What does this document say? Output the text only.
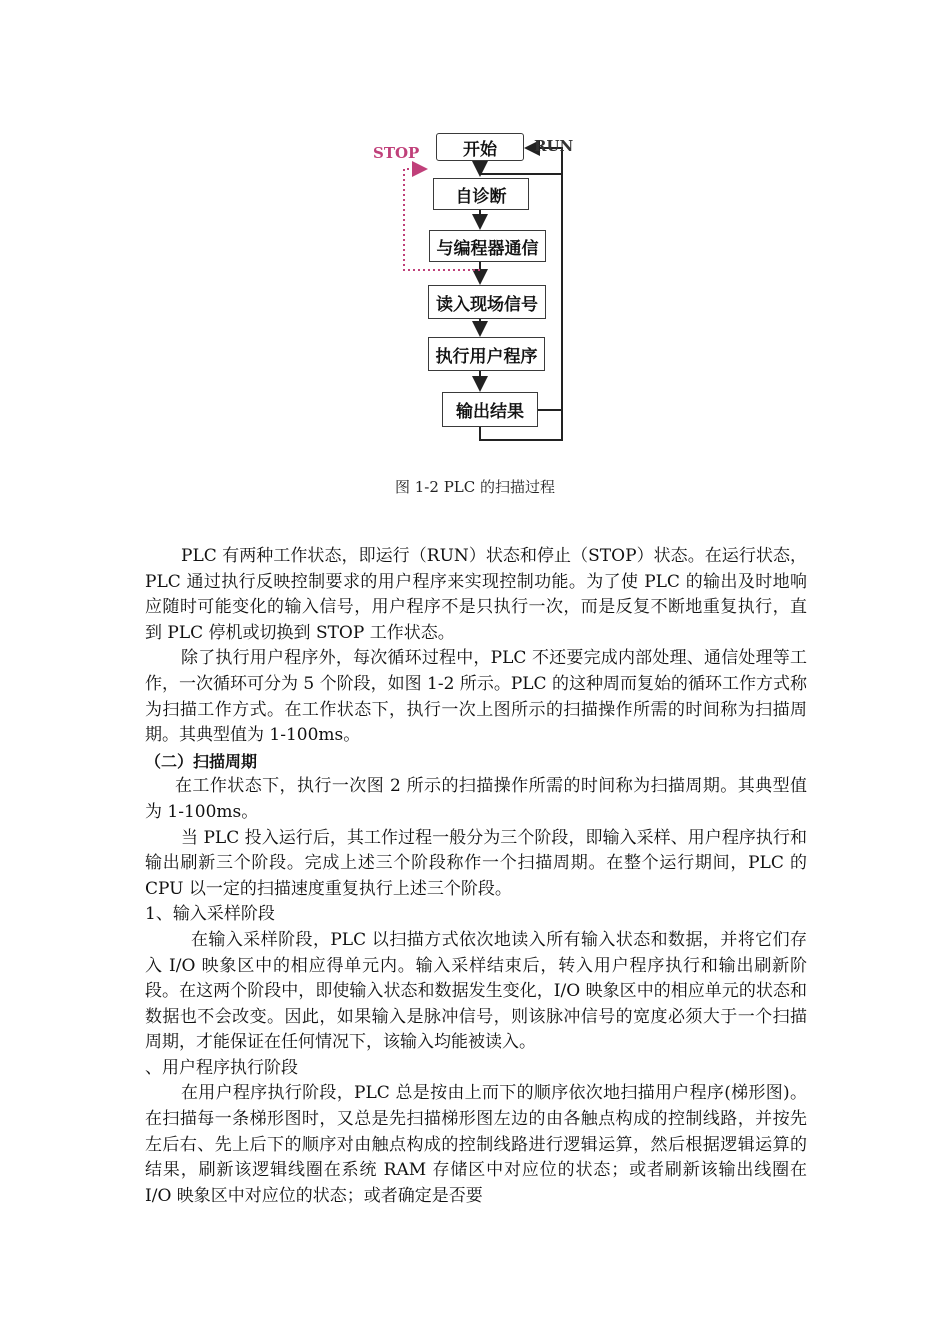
STOP	RUN
开始
自诊断
与编程器通信
读入现场信号
执行用户程序
输出结果
图 1-2 PLC 的扫描过程

PLC 有两种工作状态，即运行（RUN）状态和停止（STOP）状态。在运行状态，PLC 通过执行反映控制要求的用户程序来实现控制功能。为了使 PLC 的输出及时地响应随时可能变化的输入信号，用户程序不是只执行一次，而是反复不断地重复执行，直到 PLC 停机或切换到 STOP 工作状态。

除了执行用户程序外，每次循环过程中，PLC 不还要完成内部处理、通信处理等工作，一次循环可分为 5 个阶段，如图 1-2 所示。PLC 的这种周而复始的循环工作方式称为扫描工作方式。在工作状态下，执行一次上图所示的扫描操作所需的时间称为扫描周期。其典型值为 1-100ms。

（二）扫描周期

在工作状态下，执行一次图 2 所示的扫描操作所需的时间称为扫描周期。其典型值为 1-100ms。

当 PLC 投入运行后，其工作过程一般分为三个阶段，即输入采样、用户程序执行和输出刷新三个阶段。完成上述三个阶段称作一个扫描周期。在整个运行期间，PLC 的 CPU 以一定的扫描速度重复执行上述三个阶段。

1、输入采样阶段

在输入采样阶段，PLC 以扫描方式依次地读入所有输入状态和数据，并将它们存入 I/O 映象区中的相应得单元内。输入采样结束后，转入用户程序执行和输出刷新阶段。在这两个阶段中，即使输入状态和数据发生变化，I/O 映象区中的相应单元的状态和数据也不会改变。因此，如果输入是脉冲信号，则该脉冲信号的宽度必须大于一个扫描周期，才能保证在任何情况下，该输入均能被读入。

、用户程序执行阶段

在用户程序执行阶段，PLC 总是按由上而下的顺序依次地扫描用户程序(梯形图)。在扫描每一条梯形图时，又总是先扫描梯形图左边的由各触点构成的控制线路，并按先左后右、先上后下的顺序对由触点构成的控制线路进行逻辑运算，然后根据逻辑运算的结果，刷新该逻辑线圈在系统 RAM 存储区中对应位的状态；或者刷新该输出线圈在 I/O 映象区中对应位的状态；或者确定是否要
